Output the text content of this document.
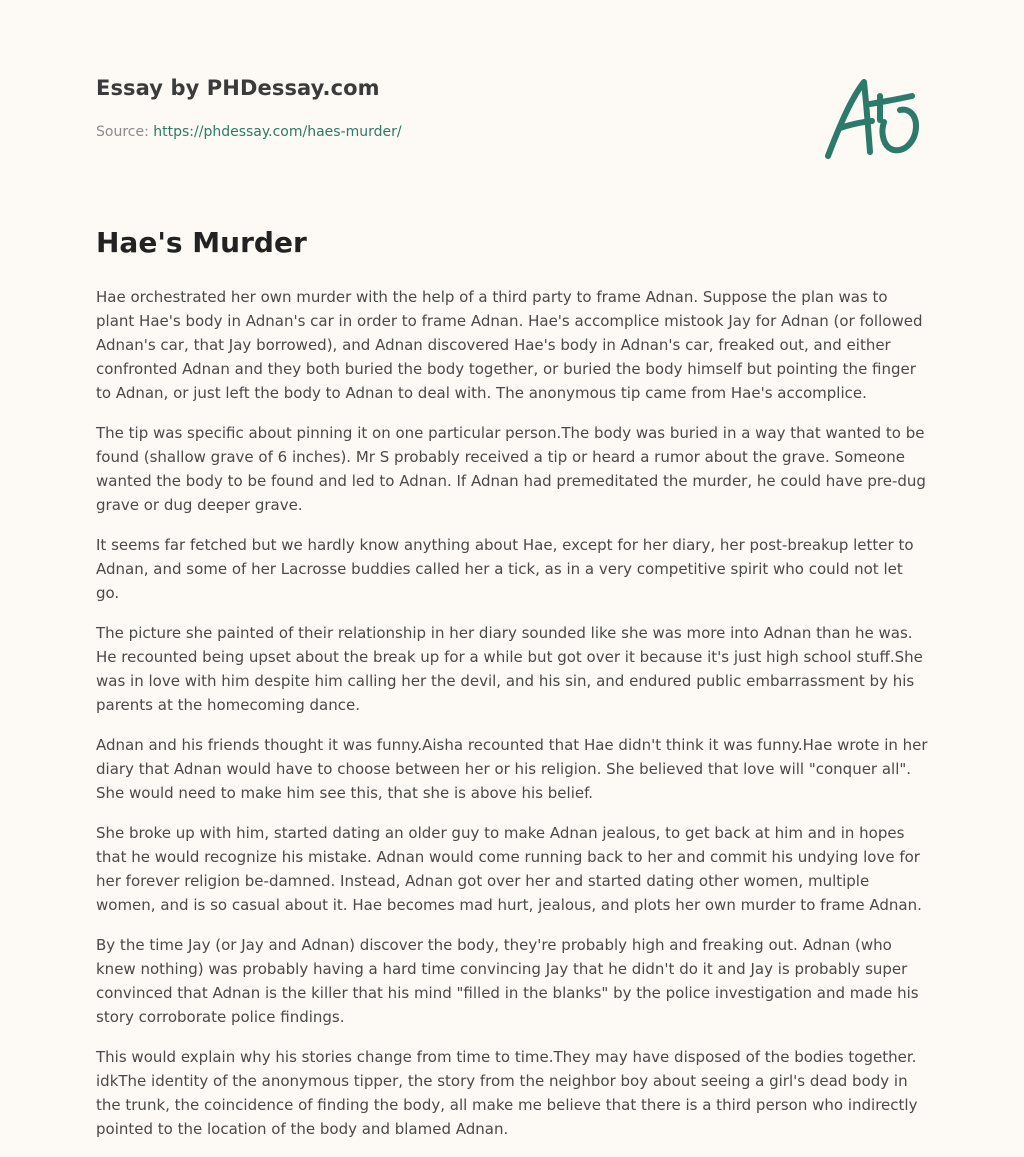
Essay by PHDessay.com
Source: https://phdessay.com/haes-murder/
Hae's Murder

Hae orchestrated her own murder with the help of a third party to frame Adnan. Suppose the plan was to plant Hae's body in Adnan's car in order to frame Adnan. Hae's accomplice mistook Jay for Adnan (or followed Adnan's car, that Jay borrowed), and Adnan discovered Hae's body in Adnan's car, freaked out, and either confronted Adnan and they both buried the body together, or buried the body himself but pointing the finger to Adnan, or just left the body to Adnan to deal with. The anonymous tip came from Hae's accomplice.

The tip was specific about pinning it on one particular person.The body was buried in a way that wanted to be found (shallow grave of 6 inches). Mr S probably received a tip or heard a rumor about the grave. Someone wanted the body to be found and led to Adnan. If Adnan had premeditated the murder, he could have pre-dug grave or dug deeper grave.

It seems far fetched but we hardly know anything about Hae, except for her diary, her post-breakup letter to Adnan, and some of her Lacrosse buddies called her a tick, as in a very competitive spirit who could not let go.

The picture she painted of their relationship in her diary sounded like she was more into Adnan than he was. He recounted being upset about the break up for a while but got over it because it's just high school stuff.She was in love with him despite him calling her the devil, and his sin, and endured public embarrassment by his parents at the homecoming dance.

Adnan and his friends thought it was funny.Aisha recounted that Hae didn't think it was funny.Hae wrote in her diary that Adnan would have to choose between her or his religion. She believed that love will "conquer all". She would need to make him see this, that she is above his belief.

She broke up with him, started dating an older guy to make Adnan jealous, to get back at him and in hopes that he would recognize his mistake. Adnan would come running back to her and commit his undying love for her forever religion be-damned. Instead, Adnan got over her and started dating other women, multiple women, and is so casual about it. Hae becomes mad hurt, jealous, and plots her own murder to frame Adnan.

By the time Jay (or Jay and Adnan) discover the body, they're probably high and freaking out. Adnan (who knew nothing) was probably having a hard time convincing Jay that he didn't do it and Jay is probably super convinced that Adnan is the killer that his mind "filled in the blanks" by the police investigation and made his story corroborate police findings.

This would explain why his stories change from time to time.They may have disposed of the bodies together. idkThe identity of the anonymous tipper, the story from the neighbor boy about seeing a girl's dead body in the trunk, the coincidence of finding the body, all make me believe that there is a third person who indirectly pointed to the location of the body and blamed Adnan.
